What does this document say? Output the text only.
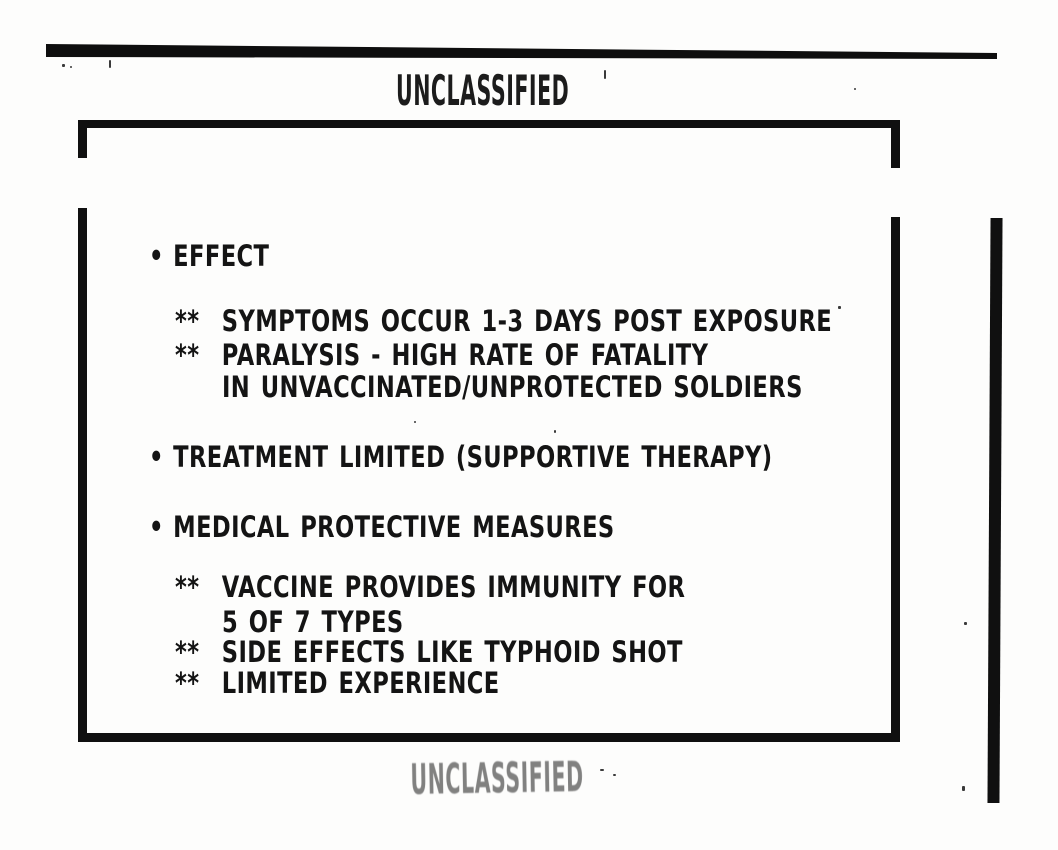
UNCLASSIFIED
• EFFECT
** SYMPTOMS OCCUR 1-3 DAYS POST EXPOSURE
** PARALYSIS - HIGH RATE OF FATALITY
IN UNVACCINATED/UNPROTECTED SOLDIERS
• TREATMENT LIMITED (SUPPORTIVE THERAPY)
• MEDICAL PROTECTIVE MEASURES
** VACCINE PROVIDES IMMUNITY FOR
5 OF 7 TYPES
** SIDE EFFECTS LIKE TYPHOID SHOT
** LIMITED EXPERIENCE
UNCLASSIFIED
